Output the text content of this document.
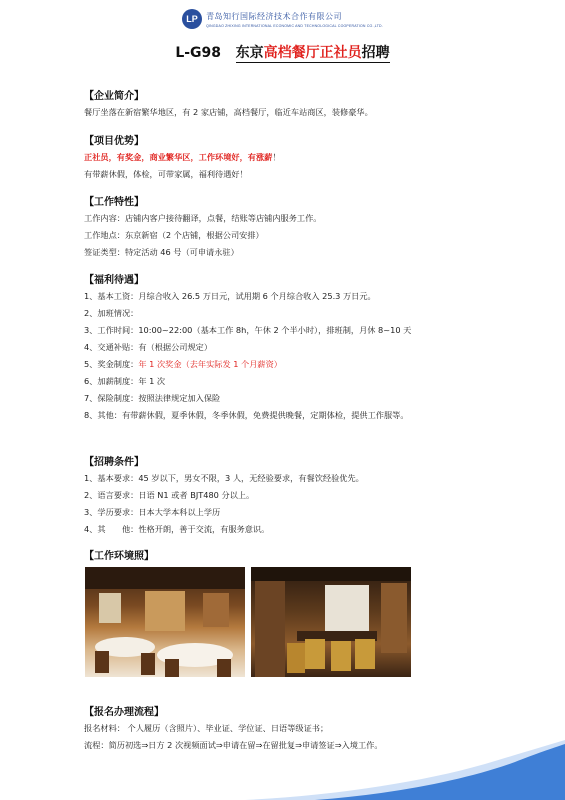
LP	青岛知行国际经济技术合作有限公司
QINGDAO ZHIXING INTERNATIONAL ECONOMIC AND TECHNOLOGICAL COOPERATION CO.,LTD.
L-G98 东京高档餐厅正社员招聘
【企业简介】
餐厅坐落在新宿繁华地区，有 2 家店铺，高档餐厅，临近车站商区，装修豪华。
【项目优势】
正社员，有奖金，商业繁华区，工作环境好，有涨薪！
有带薪休假，体检，可带家属，福利待遇好！
【工作特性】
工作内容：店铺内客户接待翻译，点餐，结账等店铺内服务工作。
工作地点：东京新宿（2 个店铺，根据公司安排）
签证类型：特定活动 46 号（可申请永驻）
【福利待遇】
1、基本工资：月综合收入 26.5 万日元，试用期 6 个月综合收入 25.3 万日元。
2、加班情况：
3、工作时间：10:00~22:00（基本工作 8h，午休 2 个半小时），排班制，月休 8~10 天
4、交通补贴：有（根据公司规定）
5、奖金制度：年 1 次奖金（去年实际发 1 个月薪资）
6、加薪制度：年 1 次
7、保险制度：按照法律规定加入保险
8、其他：有带薪休假，夏季休假，冬季休假，免费提供晚餐，定期体检，提供工作服等。
【招聘条件】
1、基本要求：45 岁以下，男女不限，3 人，无经验要求，有餐饮经验优先。
2、语言要求：日语 N1 或者 BJT480 分以上。
3、学历要求：日本大学本科以上学历
4、其　　他：性格开朗，善于交流，有服务意识。
【工作环境照】
【报名办理流程】
报名材料： 个人履历（含照片）、毕业证、学位证、日语等级证书；
流程：简历初选⇒日方 2 次视频面试⇒申请在留⇒在留批复⇒申请签证⇒入境工作。
